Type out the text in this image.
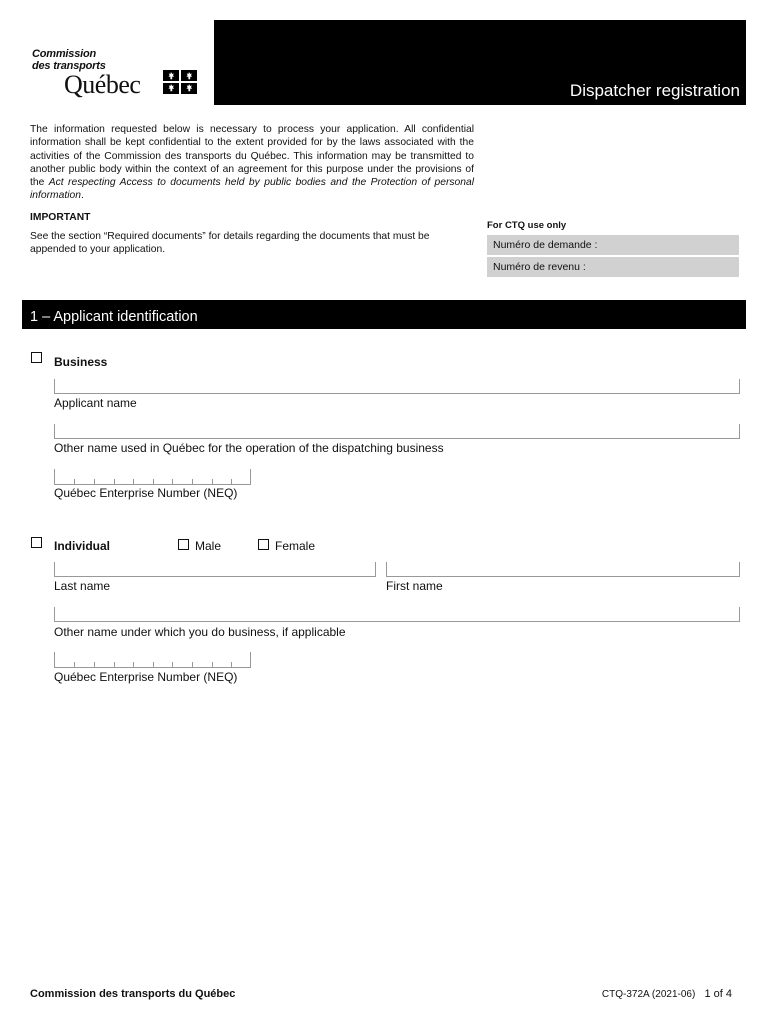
Commission
des transports
Québec	Dispatcher registration
The information requested below is necessary to process your application. All confidential information shall be kept confidential to the extent provided for by the laws associated with the activities of the Commission des transports du Québec. This information may be transmitted to another public body within the context of an agreement for this purpose under the provisions of the Act respecting Access to documents held by public bodies and the Protection of personal information.
IMPORTANT
See the section “Required documents” for details regarding the documents that must be appended to your application.
For CTQ use only
Numéro de demande :
Numéro de revenu :
1 – Applicant identification
Business
Applicant name
Other name used in Québec for the operation of the dispatching business
Québec Enterprise Number (NEQ)
Individual	Male	Female
Last name	First name
Other name under which you do business, if applicable
Québec Enterprise Number (NEQ)
Commission des transports du Québec	CTQ-372A (2021-06) 1 of 4
